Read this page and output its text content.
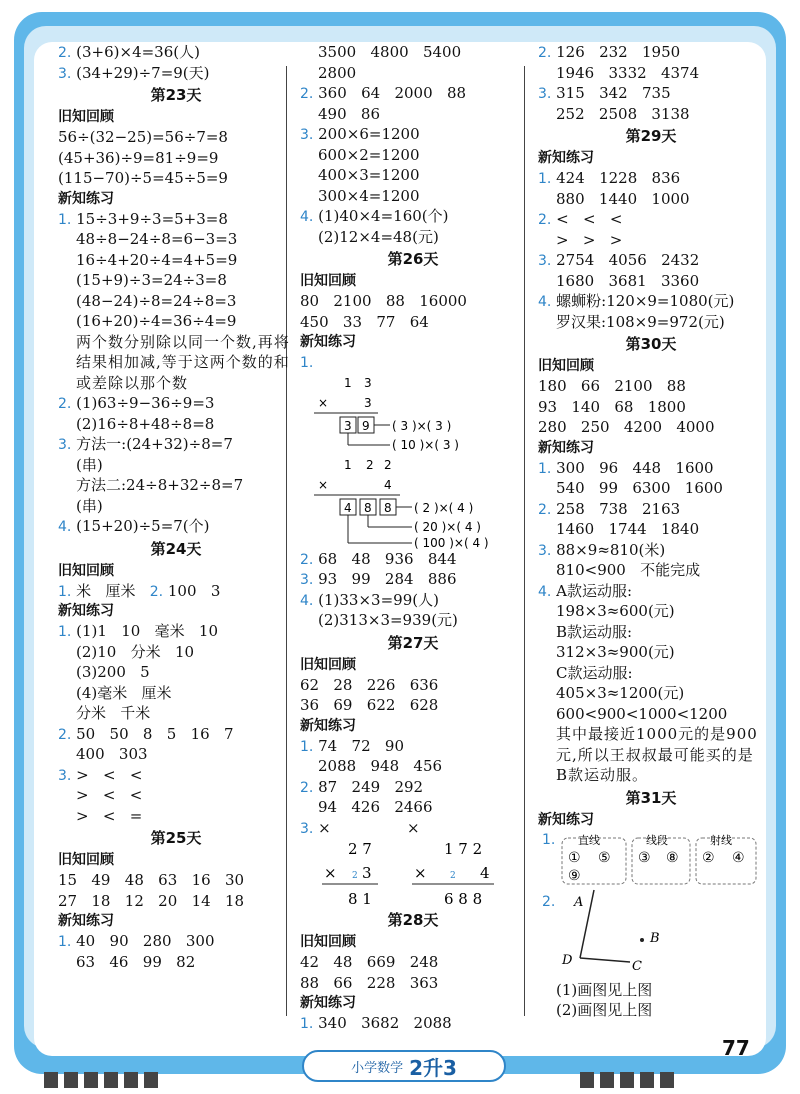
2. (3+6)×4=36(人)
3. (34+29)÷7=9(天)
第23天
旧知回顾
56÷(32−25)=56÷7=8
(45+36)÷9=81÷9=9
(115−70)÷5=45÷5=9
新知练习
1. 15÷3+9÷3=5+3=8
48÷8−24÷8=6−3=3
16÷4+20÷4=4+5=9
(15+9)÷3=24÷3=8
(48−24)÷8=24÷8=3
(16+20)÷4=36÷4=9
两个数分别除以同一个数,再将结果相加减,等于这两个数的和或差除以那个数
2. (1)63÷9−36÷9=3
(2)16÷8+48÷8=8
3. 方法一:(24+32)÷8=7
(串)
方法二:24÷8+32÷8=7
(串)
4. (15+20)÷5=7(个)
第24天
旧知回顾
1. 米   厘米   2. 100   3
新知练习
1. (1)1   10   毫米   10
(2)10   分米   10
(3)200   5
(4)毫米   厘米
分米   千米
2. 50   50   8   5   16   7
400   303
3. >   <   <
>   <   <
>   <   =
第25天
旧知回顾
15   49   48   63   16   30
27   18   12   20   14   18
新知练习
1. 40   90   280   300
63   46   99   82
3500   4800   5400
2800
2. 360   64   2000   88
490   86
3. 200×6=1200
600×2=1200
400×3=1200
300×4=1200
4. (1)40×4=160(个)
(2)12×4=48(元)
第26天
旧知回顾
80   2100   88   16000
450   33   77   64
新知练习
1.
1 3
×	3
3 9 ( 3 )×( 3 )
( 10 )×( 3 )
1 2 2
×	4
4 8 8 ( 2 )×( 4 )
( 20 )×( 4 )
( 100 )×( 4 )
2. 68   48   936   844
3. 93   99   284   886
4. (1)33×3=99(人)
(2)313×3=939(元)
第27天
旧知回顾
62   28   226   636
36   69   622   628
新知练习
1. 74   72   90
2088   948   456
2. 87   249   292
94   426   2466
3. ×                ×
2 7
× 2 3
8 1
1 7 2
×	2 4
6 8 8
第28天
旧知回顾
42   48   669   248
88   66   228   363
新知练习
1. 340   3682   2088
2. 126   232   1950
1946   3332   4374
3. 315   342   735
252   2508   3138
第29天
新知练习
1. 424   1228   836
880   1440   1000
2. <   <   <
>   >   >
3. 2754   4056   2432
1680   3681   3360
4. 螺蛳粉:120×9=1080(元)
罗汉果:108×9=972(元)
第30天
旧知回顾
180   66   2100   88
93   140   68   1800
280   250   4200   4000
新知练习
1. 300   96   448   1600
540   99   6300   1600
2. 258   738   2163
1460   1744   1840
3. 88×9≈810(米)
810<900   不能完成
4. A款运动服:
198×3≈600(元)
B款运动服:
312×3≈900(元)
C款运动服:
405×3≈1200(元)
600<900<1000<1200
其中最接近1000元的是900元,所以王叔叔最可能买的是B款运动服。
第31天
新知练习
1. 直线	线段	射线
① ⑤
⑨
③ ⑧ ② ④
2. A
B
D	C
(1)画图见上图
(2)画图见上图
小学数学 2升3
77
